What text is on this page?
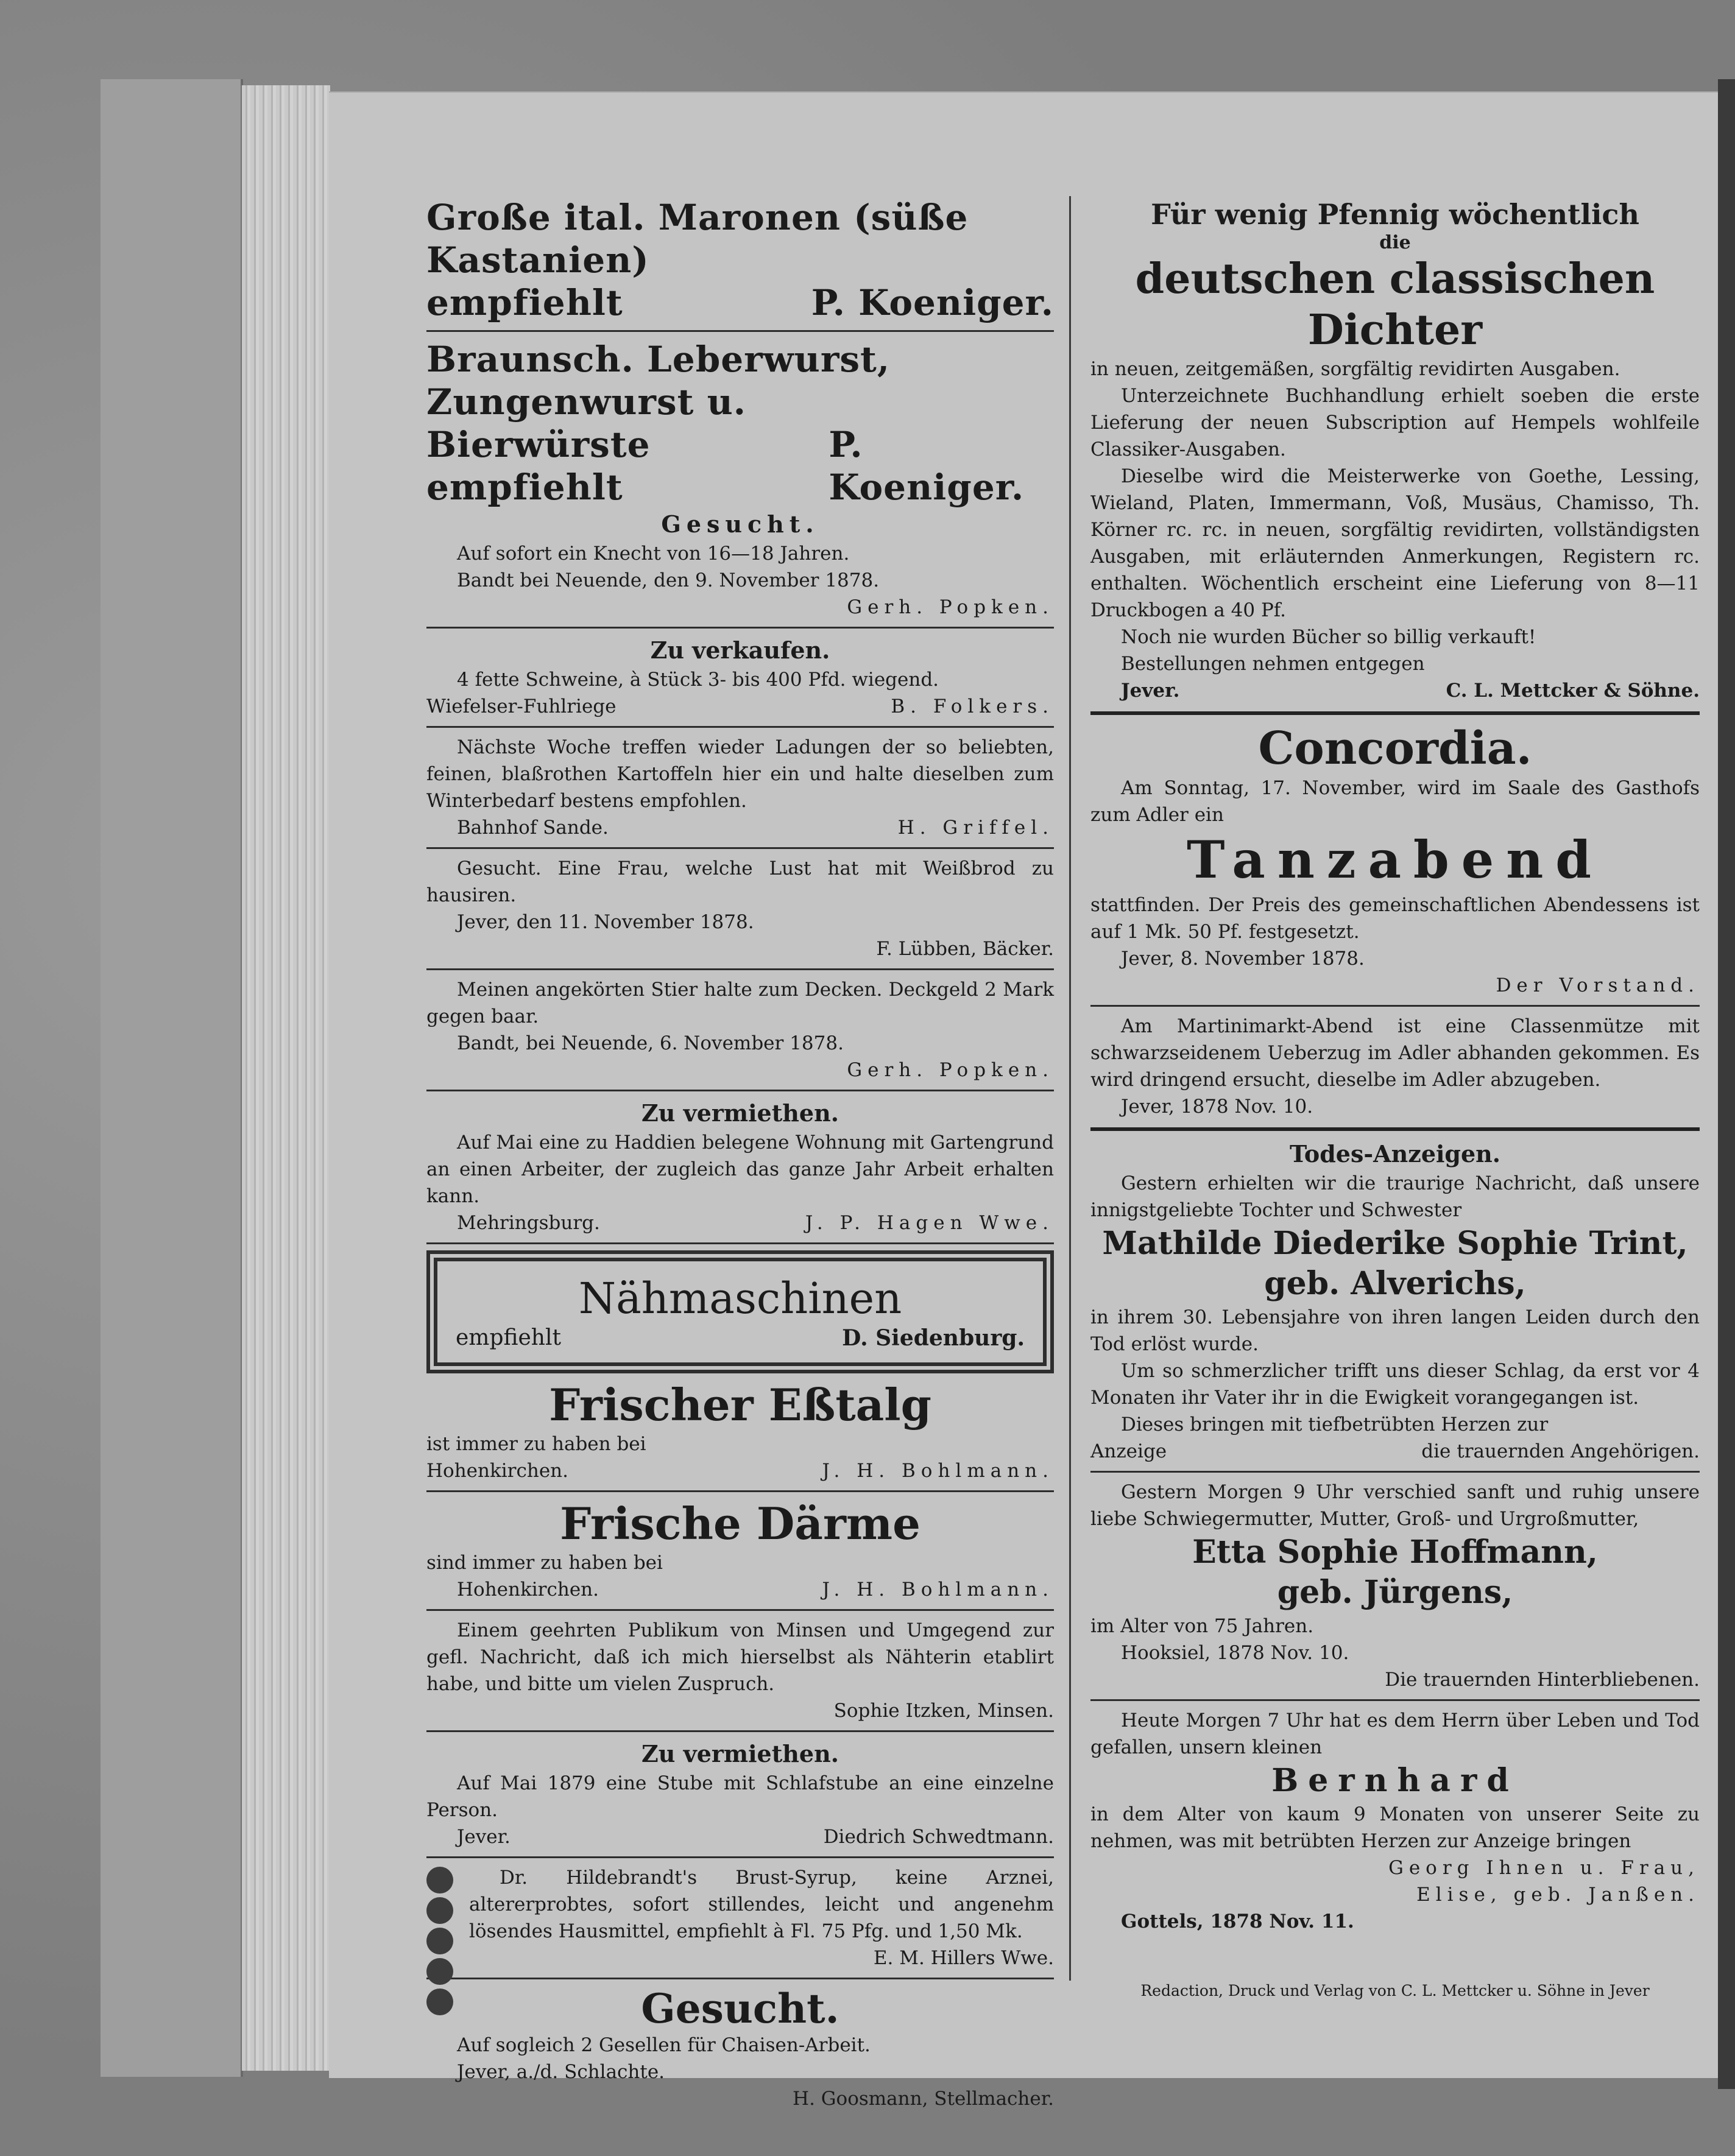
Große ital. Maronen (süße Kastanien)
empfiehlt	P. Koeniger.
Braunsch. Leberwurst, Zungenwurst u.
Bierwürste empfiehlt
P. Koeniger.
Gesucht.
Auf sofort ein Knecht von 16—18 Jahren.
Bandt bei Neuende, den 9. November 1878.
Gerh. Popken.
Zu verkaufen.
4 fette Schweine, à Stück 3- bis 400 Pfd. wiegend.
Wiefelser-Fuhlriege	B. Folkers.
Nächste Woche treffen wieder Ladungen der so beliebten, feinen, blaßrothen Kartoffeln hier ein und halte dieselben zum Winterbedarf bestens empfohlen.
Bahnhof Sande.	H. Griffel.
Gesucht. Eine Frau, welche Lust hat mit Weißbrod zu hausiren.
Jever, den 11. November 1878.
F. Lübben, Bäcker.
Meinen angekörten Stier halte zum Decken. Deckgeld 2 Mark gegen baar.
Bandt, bei Neuende, 6. November 1878.
Gerh. Popken.
Zu vermiethen.
Auf Mai eine zu Haddien belegene Wohnung mit Gartengrund an einen Arbeiter, der zugleich das ganze Jahr Arbeit erhalten kann.
Mehringsburg.	J. P. Hagen Wwe.
Nähmaschinen
empfiehlt	D. Siedenburg.
Frischer Eßtalg
ist immer zu haben bei
Hohenkirchen.	J. H. Bohlmann.
Frische Därme
sind immer zu haben bei
Hohenkirchen.	J. H. Bohlmann.
Einem geehrten Publikum von Minsen und Umgegend zur gefl. Nachricht, daß ich mich hierselbst als Nähterin etablirt habe, und bitte um vielen Zuspruch.
Sophie Itzken, Minsen.
Zu vermiethen.
Auf Mai 1879 eine Stube mit Schlafstube an eine einzelne Person.
Jever.	Diedrich Schwedtmann.
Dr. Hildebrandt's Brust-Syrup, keine Arznei, altererprobtes, sofort stillendes, leicht und angenehm lösendes Hausmittel, empfiehlt à Fl. 75 Pfg. und 1,50 Mk.
E. M. Hillers Wwe.
Gesucht.
Auf sogleich 2 Gesellen für Chaisen-Arbeit.
Jever, a./d. Schlachte.
H. Goosmann, Stellmacher.
Für wenig Pfennig wöchentlich
die
deutschen classischen Dichter
in neuen, zeitgemäßen, sorgfältig revidirten Ausgaben.
Unterzeichnete Buchhandlung erhielt soeben die erste Lieferung der neuen Subscription auf Hempels wohlfeile Classiker-Ausgaben.
Dieselbe wird die Meisterwerke von Goethe, Lessing, Wieland, Platen, Immermann, Voß, Musäus, Chamisso, Th. Körner rc. rc. in neuen, sorgfältig revidirten, vollständigsten Ausgaben, mit erläuternden Anmerkungen, Registern rc. enthalten. Wöchentlich erscheint eine Lieferung von 8—11 Druckbogen a 40 Pf.
Noch nie wurden Bücher so billig verkauft!
Bestellungen nehmen entgegen
Jever.	C. L. Mettcker & Söhne.
Concordia.
Am Sonntag, 17. November, wird im Saale des Gasthofs zum Adler ein
Tanzabend
stattfinden. Der Preis des gemeinschaftlichen Abendessens ist auf 1 Mk. 50 Pf. festgesetzt.
Jever, 8. November 1878.
Der Vorstand.
Am Martinimarkt-Abend ist eine Classenmütze mit schwarzseidenem Ueberzug im Adler abhanden gekommen. Es wird dringend ersucht, dieselbe im Adler abzugeben.
Jever, 1878 Nov. 10.
Todes-Anzeigen.
Gestern erhielten wir die traurige Nachricht, daß unsere innigstgeliebte Tochter und Schwester
Mathilde Diederike Sophie Trint,
geb. Alverichs,
in ihrem 30. Lebensjahre von ihren langen Leiden durch den Tod erlöst wurde.
Um so schmerzlicher trifft uns dieser Schlag, da erst vor 4 Monaten ihr Vater ihr in die Ewigkeit vorangegangen ist.
Dieses bringen mit tiefbetrübten Herzen zur
Anzeige	die trauernden Angehörigen.
Gestern Morgen 9 Uhr verschied sanft und ruhig unsere liebe Schwiegermutter, Mutter, Groß- und Urgroßmutter,
Etta Sophie Hoffmann,
geb. Jürgens,
im Alter von 75 Jahren.
Hooksiel, 1878 Nov. 10.
Die trauernden Hinterbliebenen.
Heute Morgen 7 Uhr hat es dem Herrn über Leben und Tod gefallen, unsern kleinen
Bernhard
in dem Alter von kaum 9 Monaten von unserer Seite zu nehmen, was mit betrübten Herzen zur Anzeige bringen
Georg Ihnen u. Frau,
Elise, geb. Janßen.
Gottels, 1878 Nov. 11.
Redaction, Druck und Verlag von C. L. Mettcker u. Söhne in Jever
